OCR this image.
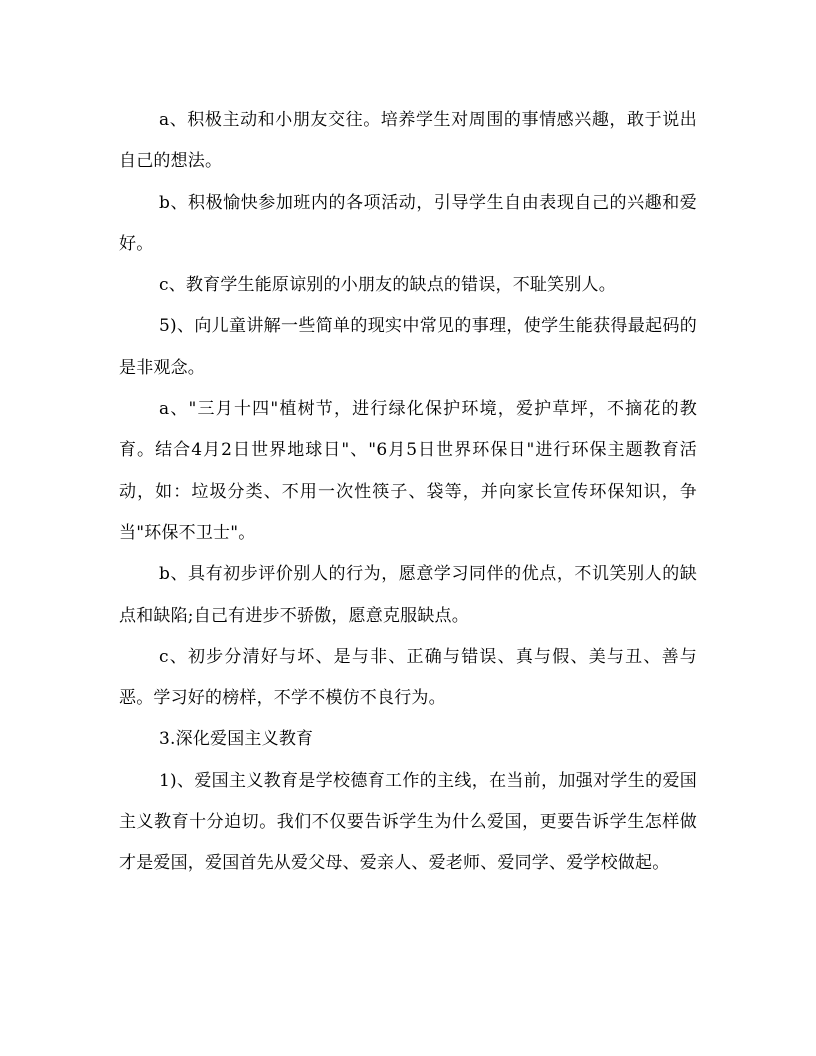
a、积极主动和小朋友交往。培养学生对周围的事情感兴趣，敢于说出自己的想法。

b、积极愉快参加班内的各项活动，引导学生自由表现自己的兴趣和爱好。

c、教育学生能原谅别的小朋友的缺点的错误，不耻笑别人。

5)、向儿童讲解一些简单的现实中常见的事理，使学生能获得最起码的是非观念。

a、"三月十四"植树节，进行绿化保护环境，爱护草坪，不摘花的教育。结合4月2日世界地球日"、"6月5日世界环保日"进行环保主题教育活动，如：垃圾分类、不用一次性筷子、袋等，并向家长宣传环保知识，争当"环保不卫士"。

b、具有初步评价别人的行为，愿意学习同伴的优点，不讥笑别人的缺点和缺陷;自己有进步不骄傲，愿意克服缺点。

c、初步分清好与坏、是与非、正确与错误、真与假、美与丑、善与恶。学习好的榜样，不学不模仿不良行为。

3.深化爱国主义教育

1)、爱国主义教育是学校德育工作的主线，在当前，加强对学生的爱国主义教育十分迫切。我们不仅要告诉学生为什么爱国，更要告诉学生怎样做才是爱国，爱国首先从爱父母、爱亲人、爱老师、爱同学、爱学校做起。
